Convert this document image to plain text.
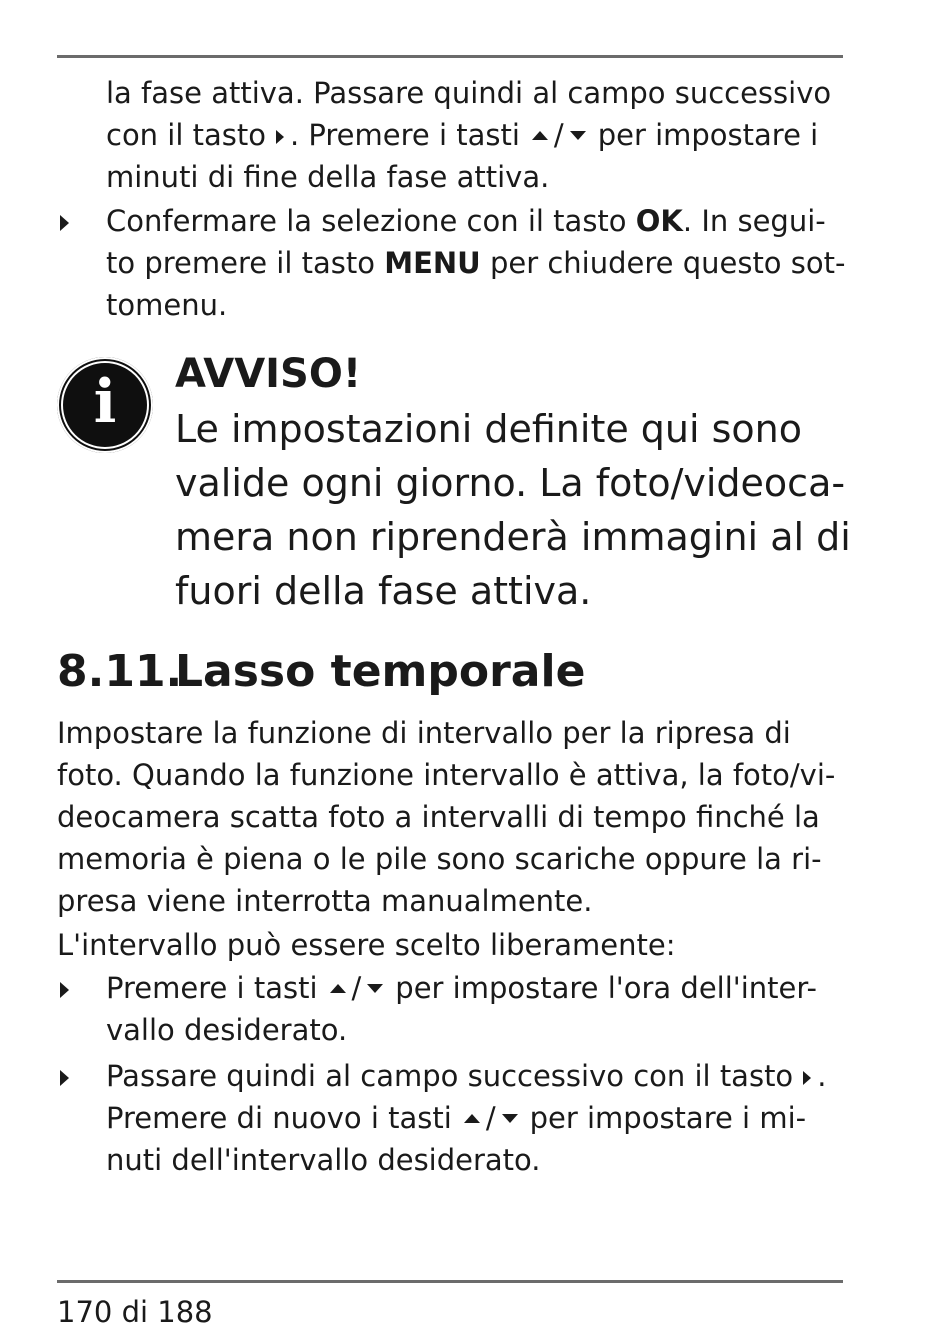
la fase attiva. Passare quindi al campo successivo

con il tasto . Premere i tasti / per impostare i

minuti di fine della fase attiva.

Confermare la selezione con il tasto OK. In segui-

to premere il tasto MENU per chiudere questo sot-

tomenu.

i	AVVISO!

Le impostazioni definite qui sono

valide ogni giorno. La foto/videoca-

mera non riprenderà immagini al di

fuori della fase attiva.

8.11.Lasso temporale

Impostare la funzione di intervallo per la ripresa di

foto. Quando la funzione intervallo è attiva, la foto/vi-

deocamera scatta foto a intervalli di tempo finché la

memoria è piena o le pile sono scariche oppure la ri-

presa viene interrotta manualmente.

L'intervallo può essere scelto liberamente:

Premere i tasti / per impostare l'ora dell'inter-

vallo desiderato.

Passare quindi al campo successivo con il tasto .

Premere di nuovo i tasti / per impostare i mi-

nuti dell'intervallo desiderato.

170 di 188
